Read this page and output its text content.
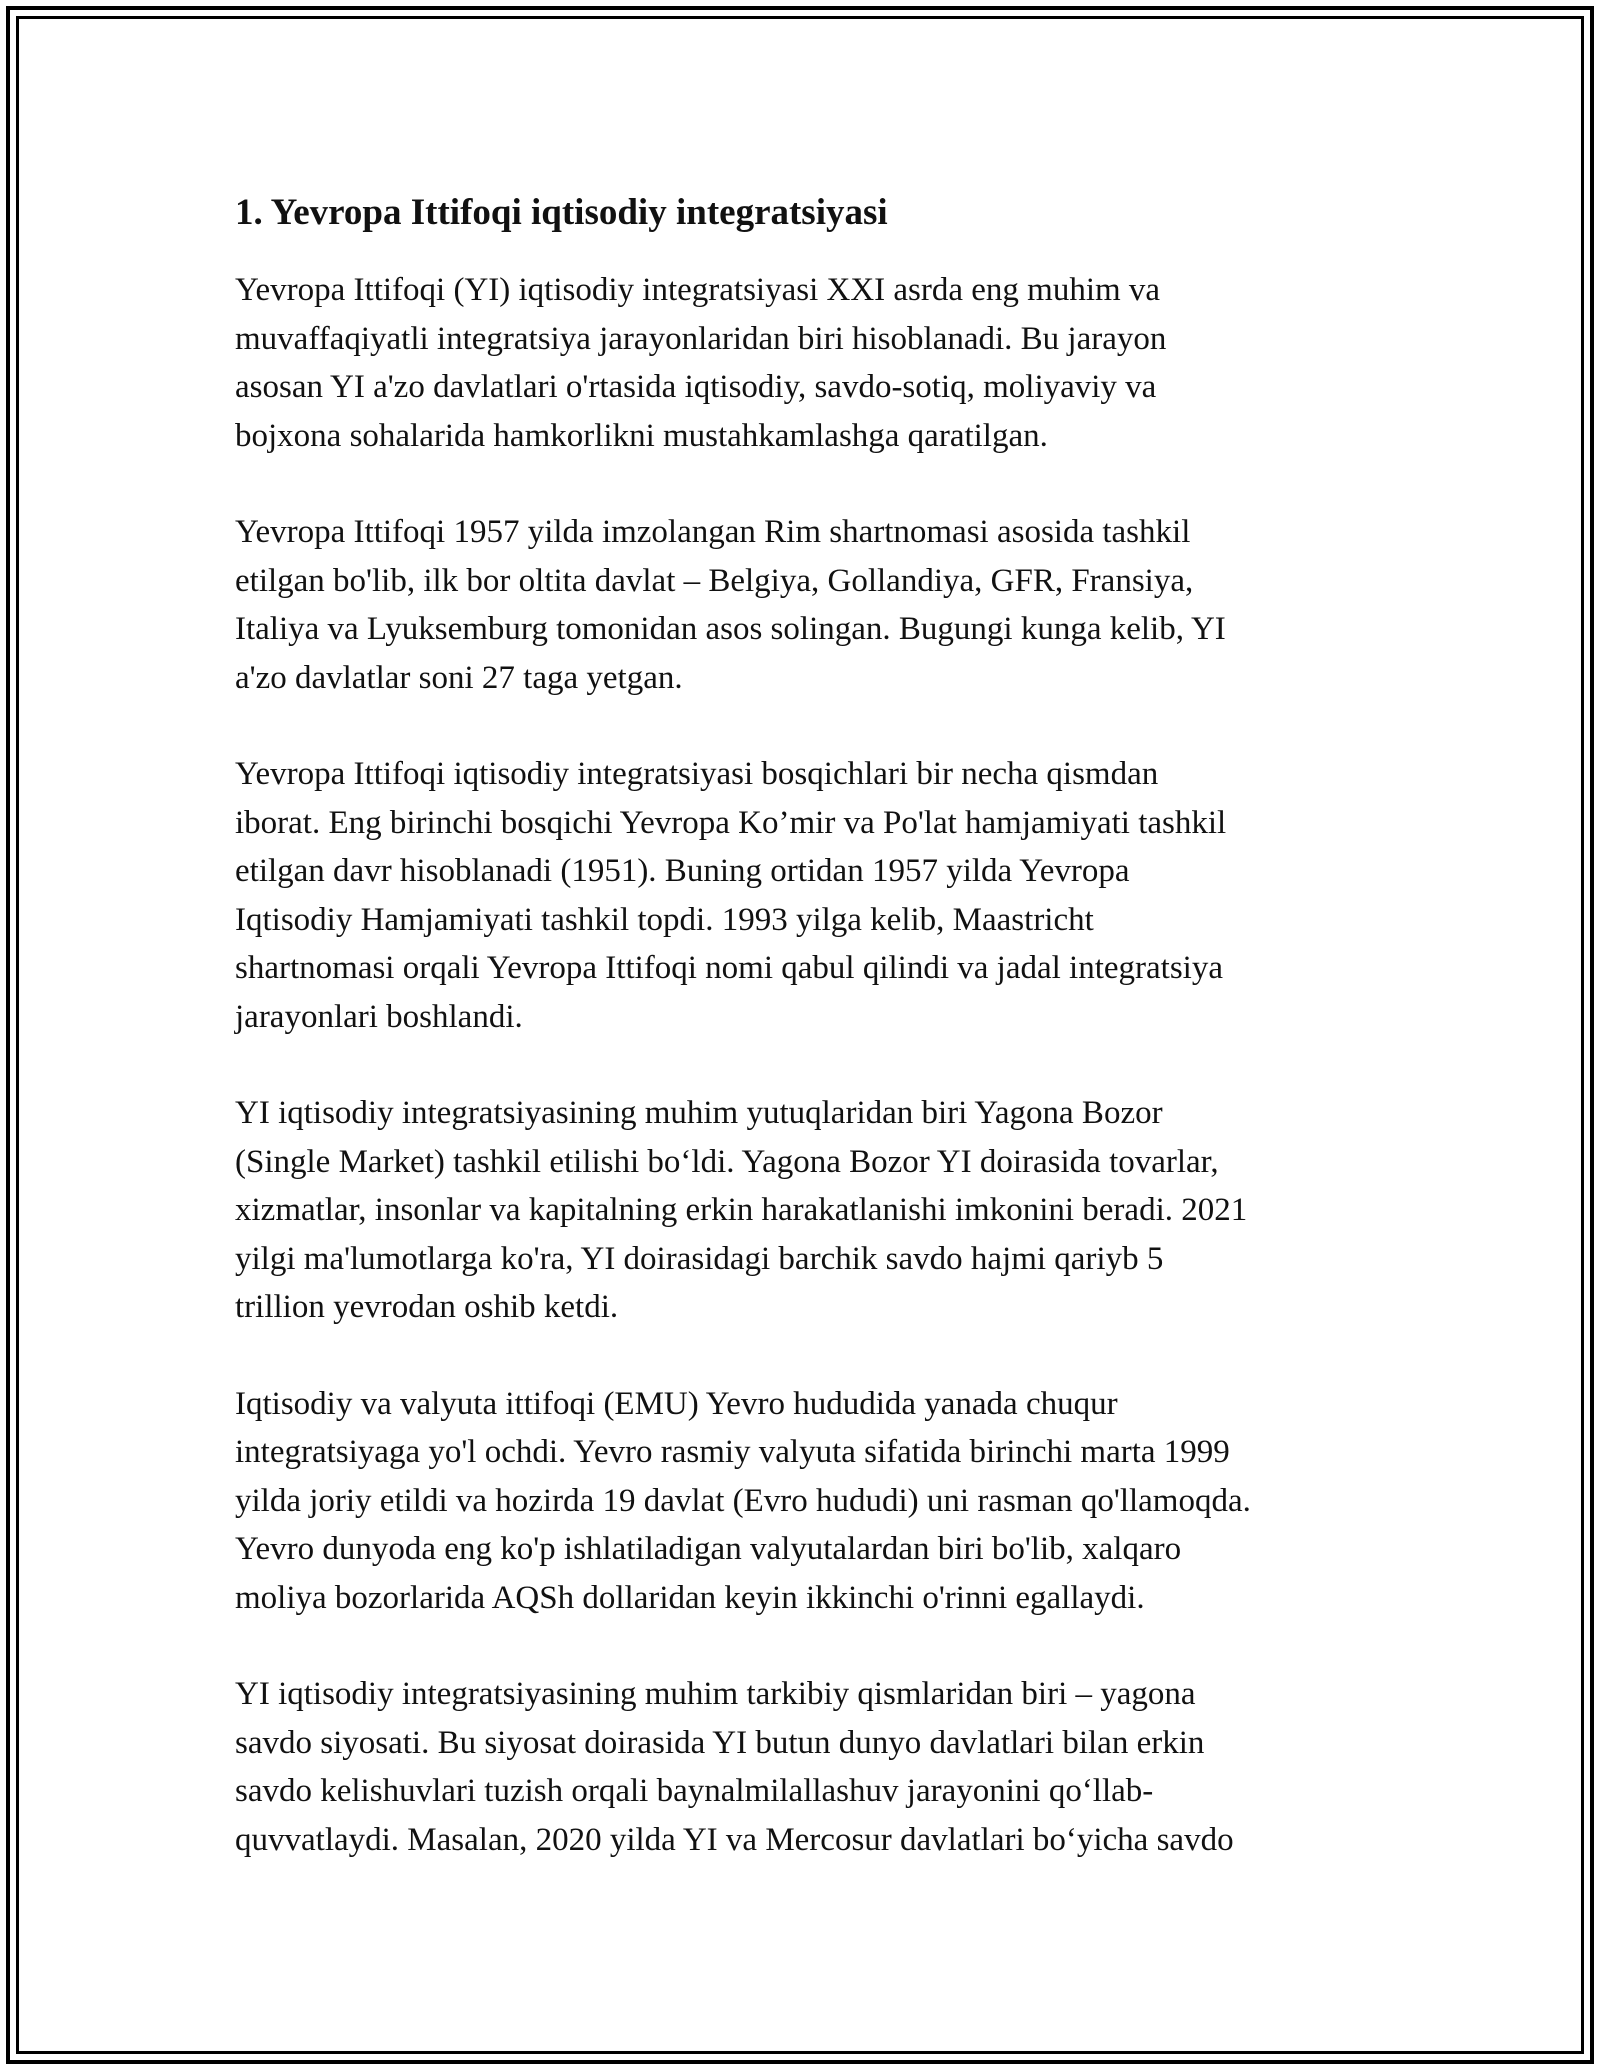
1. Yevropa Ittifoqi iqtisodiy integratsiyasi

Yevropa Ittifoqi (YI) iqtisodiy integratsiyasi XXI asrda eng muhim va
muvaffaqiyatli integratsiya jarayonlaridan biri hisoblanadi. Bu jarayon
asosan YI a'zo davlatlari o'rtasida iqtisodiy, savdo-sotiq, moliyaviy va
bojxona sohalarida hamkorlikni mustahkamlashga qaratilgan.

Yevropa Ittifoqi 1957 yilda imzolangan Rim shartnomasi asosida tashkil
etilgan bo'lib, ilk bor oltita davlat – Belgiya, Gollandiya, GFR, Fransiya,
Italiya va Lyuksemburg tomonidan asos solingan. Bugungi kunga kelib, YI
a'zo davlatlar soni 27 taga yetgan.

Yevropa Ittifoqi iqtisodiy integratsiyasi bosqichlari bir necha qismdan
iborat. Eng birinchi bosqichi Yevropa Ko’mir va Po'lat hamjamiyati tashkil
etilgan davr hisoblanadi (1951). Buning ortidan 1957 yilda Yevropa
Iqtisodiy Hamjamiyati tashkil topdi. 1993 yilga kelib, Maastricht
shartnomasi orqali Yevropa Ittifoqi nomi qabul qilindi va jadal integratsiya
jarayonlari boshlandi.

YI iqtisodiy integratsiyasining muhim yutuqlaridan biri Yagona Bozor
(Single Market) tashkil etilishi bo‘ldi. Yagona Bozor YI doirasida tovarlar,
xizmatlar, insonlar va kapitalning erkin harakatlanishi imkonini beradi. 2021
yilgi ma'lumotlarga ko'ra, YI doirasidagi barchik savdo hajmi qariyb 5
trillion yevrodan oshib ketdi.

Iqtisodiy va valyuta ittifoqi (EMU) Yevro hududida yanada chuqur
integratsiyaga yo'l ochdi. Yevro rasmiy valyuta sifatida birinchi marta 1999
yilda joriy etildi va hozirda 19 davlat (Evro hududi) uni rasman qo'llamoqda.
Yevro dunyoda eng ko'p ishlatiladigan valyutalardan biri bo'lib, xalqaro
moliya bozorlarida AQSh dollaridan keyin ikkinchi o'rinni egallaydi.

YI iqtisodiy integratsiyasining muhim tarkibiy qismlaridan biri – yagona
savdo siyosati. Bu siyosat doirasida YI butun dunyo davlatlari bilan erkin
savdo kelishuvlari tuzish orqali baynalmilallashuv jarayonini qo‘llab-
quvvatlaydi. Masalan, 2020 yilda YI va Mercosur davlatlari bo‘yicha savdo
